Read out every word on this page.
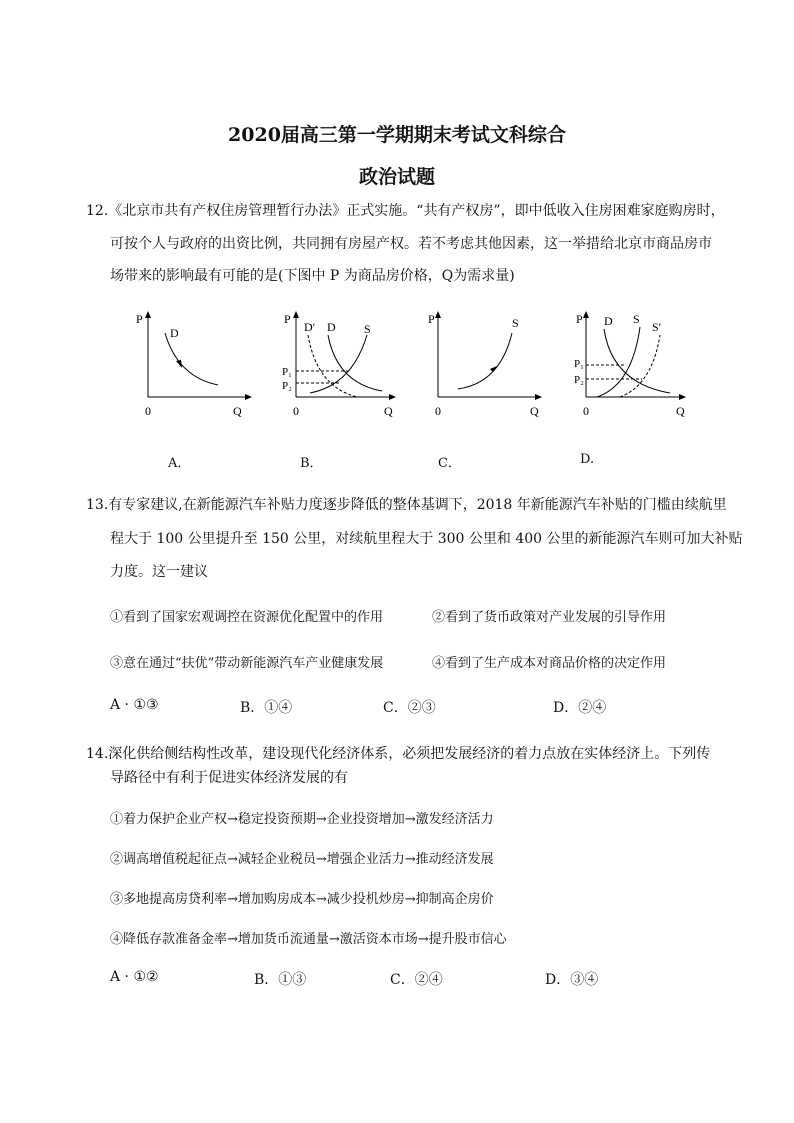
2020届高三第一学期期末考试文科综合
政治试题
12.《北京市共有产权住房管理暂行办法》正式实施。“共有产权房”，即中低收入住房困难家庭购房时，
可按个人与政府的出资比例，共同拥有房屋产权。若不考虑其他因素，这一举措给北京市商品房市
场带来的影响最有可能的是(下图中 P 为商品房价格，Q为需求量)
P
Q
0
D
P
Q
0
D′ D S
P₁
P₂
P
Q
0
S	P
Q
0
D S
S′
P₁
P₂
A．	B．	C．	D.
13.有专家建议,在新能源汽车补贴力度逐步降低的整体基调下，2018 年新能源汽车补贴的门槛由续航里
程大于 100 公里提升至 150 公里，对续航里程大于 300 公里和 400 公里的新能源汽车则可加大补贴
力度。这一建议
①看到了国家宏观调控在资源优化配置中的作用	②看到了货币政策对产业发展的引导作用
③意在通过“扶优”带动新能源汽车产业健康发展	④看到了生产成本对商品价格的决定作用
A · ①③	B．①④	C．②③	D．②④
14.深化供给侧结构性改革，建设现代化经济体系，必须把发展经济的着力点放在实体经济上。下列传
导路径中有利于促进实体经济发展的有
①着力保护企业产权→稳定投资预期→企业投资增加→激发经济活力
②调高增值税起征点→减轻企业税员→增强企业活力→推动经济发展
③多地提高房贷利率→增加购房成本→减少投机炒房→抑制高企房价
④降低存款准备金率→增加货币流通量→激活资本市场→提升股市信心
A · ①②	B．①③	C．②④	D．③④
